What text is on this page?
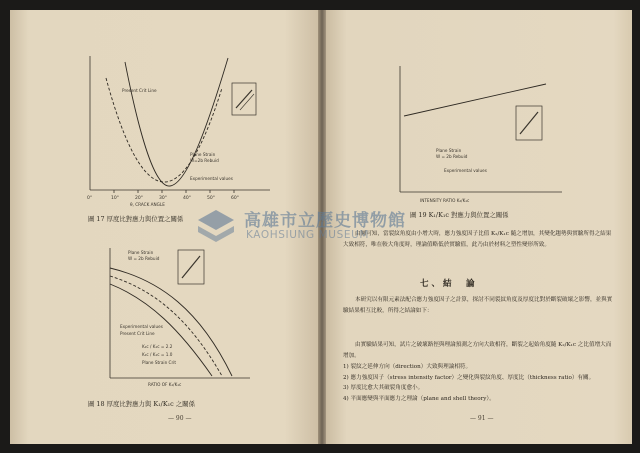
0°	10°	20°	30°	40°	50°	60°
θ, CRACK ANGLE
Present Crit Line
Plane Strain
W=2b Rebuid
Experimental values
圖 17 厚度比對應力與位置之關係
Plane Strain
W = 2b Rebuid
Experimental values
Present Crit Line
K₁c / K₁c = 2.2
K₁c / K₁c = 1.0
Plane Strain Crit
RATIO OF K₁/K₁c
圖 18 厚度比對應力與 K₁/K₁c 之關係
— 90 —
Plane Strain
W = 2b Rebuid
Experimental values
INTENSITY RATIO K₂/K₁c
圖 19 K₁/K₁c 對應力與位置之關係

由圖可知，當裂紋角度由小增大時，應力強度因子比值 K₂/K₁c 隨之增加，其變化趨勢與實驗所得之結果大致相符，唯在較大角度時，理論值略低於實驗值，此乃由於材料之塑性變形所致。

七、結　論

本研究以有限元素法配合應力強度因子之計算，探討不同裂紋角度及厚度比對於斷裂破壞之影響，並與實驗結果相互比較，所得之結論如下：

由實驗結果可知，試片之破壞路徑與理論預測之方向大致相符，斷裂之起始角度隨 K₂/K₁c 之比值增大而增加。

1) 裂紋之延伸方向（direction）大致與理論相符。

2) 應力強度因子（stress intensity factor）之變化與裂紋角度、厚度比（thickness ratio）有關。

3) 厚度比愈大其破裂角度愈小。

4) 平面應變與平面應力之理論（plane and shell theory）。

— 91 —
高雄市立歷史博物館
KAOHSIUNG MUSEUM
